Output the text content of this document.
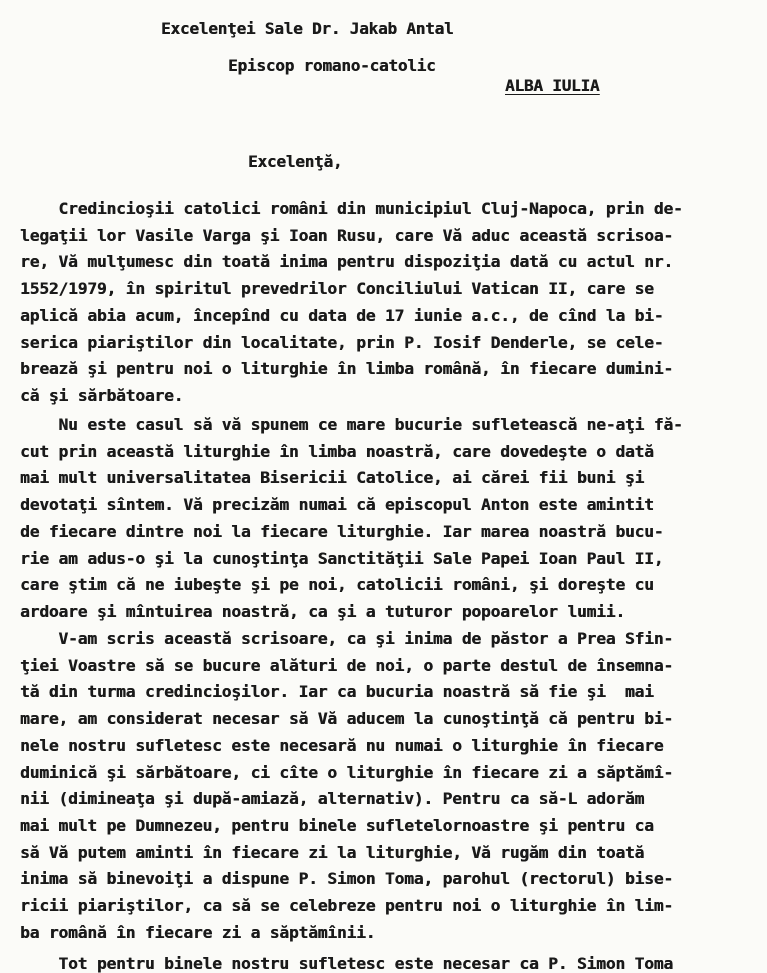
Excelenţei Sale Dr. Jakab Antal
Episcop romano-catolic
ALBA IULIA
Excelenţă,
Credincioşii catolici români din municipiul Cluj-Napoca, prin de-
legaţii lor Vasile Varga şi Ioan Rusu, care Vă aduc această scrisoa-
re, Vă mulţumesc din toată inima pentru dispoziţia dată cu actul nr.
1552/1979, în spiritul prevedrilor Conciliului Vatican II, care se
aplică abia acum, începînd cu data de 17 iunie a.c., de cînd la bi-
serica piariştilor din localitate, prin P. Iosif Denderle, se cele-
brează şi pentru noi o liturghie în limba română, în fiecare dumini-
că şi sărbătoare.
Nu este casul să vă spunem ce mare bucurie sufletească ne-aţi fă-
cut prin această liturghie în limba noastră, care dovedeşte o dată
mai mult universalitatea Bisericii Catolice, ai cărei fii buni şi
devotaţi sîntem. Vă precizăm numai că episcopul Anton este amintit
de fiecare dintre noi la fiecare liturghie. Iar marea noastră bucu-
rie am adus-o şi la cunoştinţa Sanctităţii Sale Papei Ioan Paul II,
care ştim că ne iubeşte şi pe noi, catolicii români, şi doreşte cu
ardoare şi mîntuirea noastră, ca şi a tuturor popoarelor lumii.
V-am scris această scrisoare, ca şi inima de păstor a Prea Sfin-
ţiei Voastre să se bucure alături de noi, o parte destul de însemna-
tă din turma credincioşilor. Iar ca bucuria noastră să fie şi  mai
mare, am considerat necesar să Vă aducem la cunoştinţă că pentru bi-
nele nostru sufletesc este necesară nu numai o liturghie în fiecare
duminică şi sărbătoare, ci cîte o liturghie în fiecare zi a săptămî-
nii (dimineaţa şi după-amiază, alternativ). Pentru ca să-L adorăm
mai mult pe Dumnezeu, pentru binele sufletelornoastre şi pentru ca
să Vă putem aminti în fiecare zi la liturghie, Vă rugăm din toată
inima să binevoiţi a dispune P. Simon Toma, parohul (rectorul) bise-
ricii piariştilor, ca să se celebreze pentru noi o liturghie în lim-
ba română în fiecare zi a săptămînii.
Tot pentru binele nostru sufletesc este necesar ca P. Simon Toma
